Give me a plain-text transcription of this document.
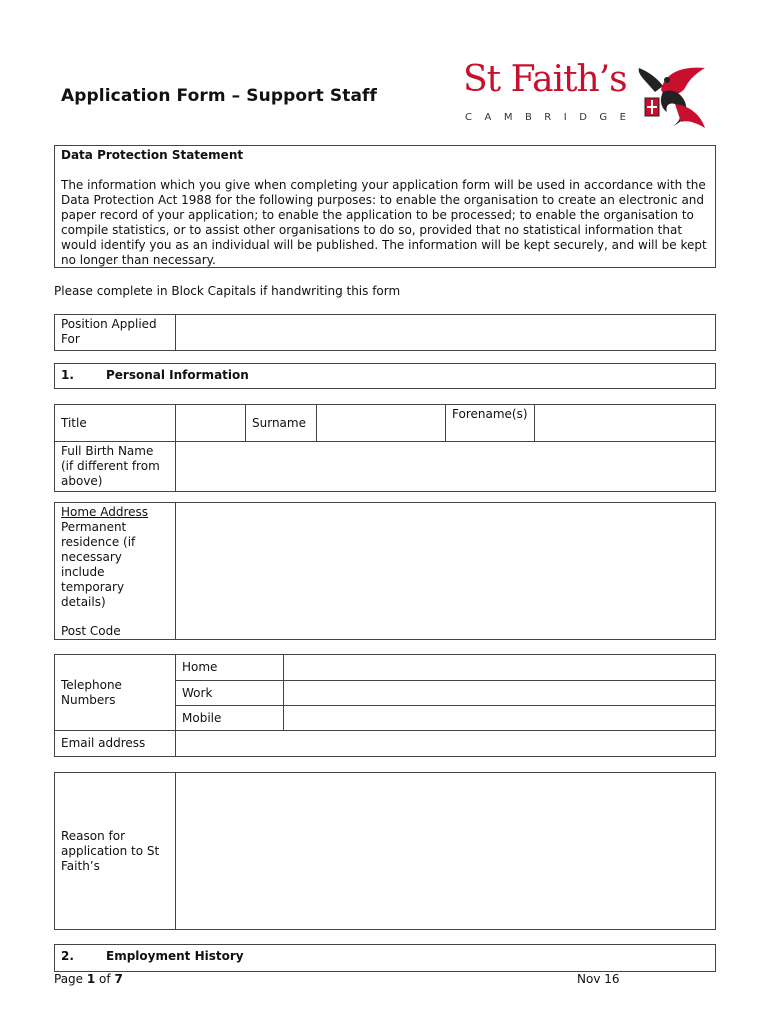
Application Form – Support Staff St Faith’s
CAMBRIDGE
Data Protection Statement
The information which you give when completing your application form will be used in accordance with the Data Protection Act 1988 for the following purposes: to enable the organisation to create an electronic and paper record of your application; to enable the application to be processed; to enable the organisation to compile statistics, or to assist other organisations to do so, provided that no statistical information that would identify you as an individual will be published. The information will be kept securely, and will be kept no longer than necessary.
Please complete in Block Capitals if handwriting this form
Position Applied For	
1.	Personal Information
Title		Surname		Forename(s)	
Full Birth Name (if different from above)					
Home Address
Permanent residence (if necessary include temporary details)
Post Code

Telephone Numbers	Home	
	Work	
	Mobile	
Email address		
Reason for application to St Faith’s	
2.	Employment History
Page 1 of 7	Nov 16
